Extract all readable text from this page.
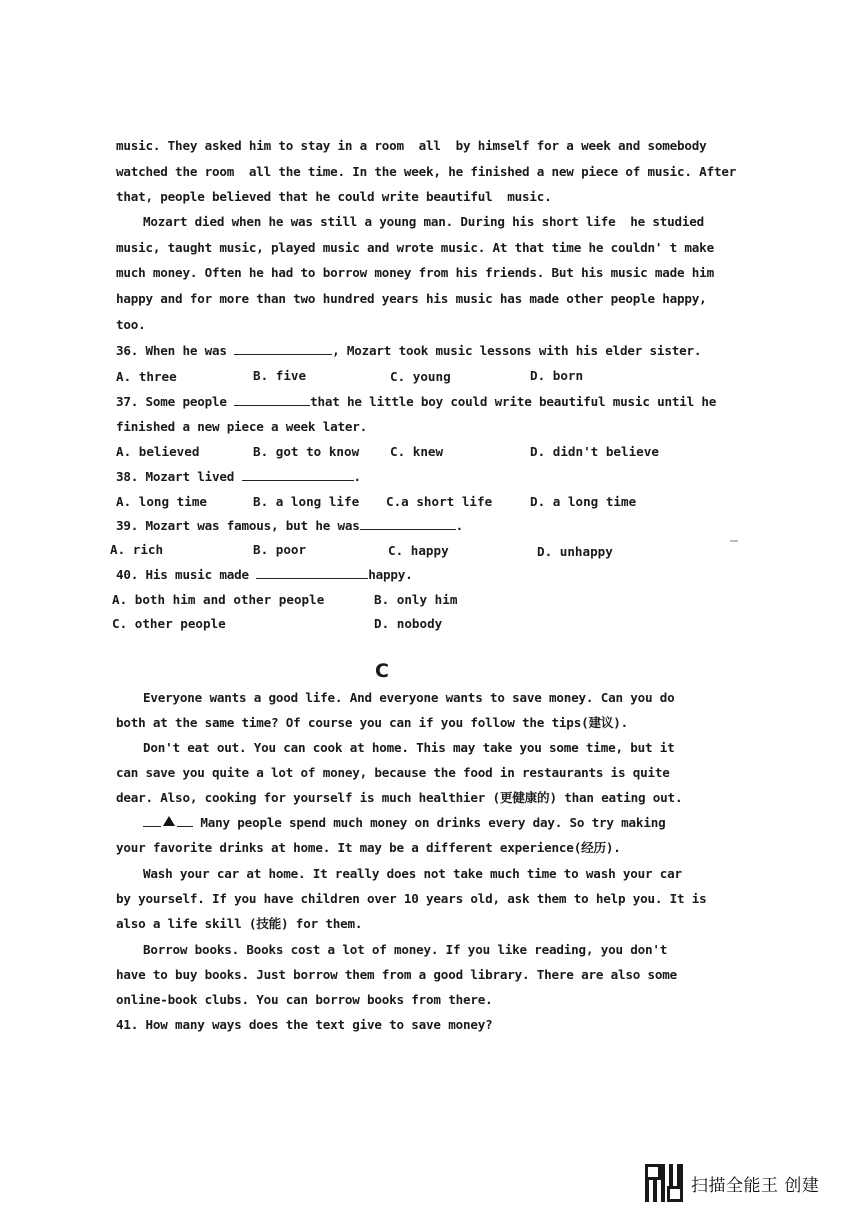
music. They asked him to stay in a room  all  by himself for a week and somebody
watched the room  all the time. In the week, he finished a new piece of music. After
that, people believed that he could write beautiful  music.
Mozart died when he was still a young man. During his short life  he studied
music, taught music, played music and wrote music. At that time he couldn' t make
much money. Often he had to borrow money from his friends. But his music made him
happy and for more than two hundred years his music has made other people happy,
too.
36. When he was	, Mozart took music lessons with his elder sister.
A. three	B. five	C. young	D. born
37. Some people	that he little boy could write beautiful music until he
finished a new piece a week later.
A. believed	B. got to know C. knew	D. didn't believe
38. Mozart lived	.
A. long time	B. a long life C.a short life	D. a long time
39. Mozart was famous, but he was	.
A. rich	B. poor	C. happy	D. unhappy
40. His music made	happy.
A. both him and other people	B. only him
C. other people	D. nobody
C
Everyone wants a good life. And everyone wants to save money. Can you do
both at the same time? Of course you can if you follow the tips(建议).
Don't eat out. You can cook at home. This may take you some time, but it
can save you quite a lot of money, because the food in restaurants is quite
dear. Also, cooking for yourself is much healthier (更健康的) than eating out.
Many people spend much money on drinks every day. So try making
your favorite drinks at home. It may be a different experience(经历).
Wash your car at home. It really does not take much time to wash your car
by yourself. If you have children over 10 years old, ask them to help you. It is
also a life skill (技能) for them.
Borrow books. Books cost a lot of money. If you like reading, you don't
have to buy books. Just borrow them from a good library. There are also some
online-book clubs. You can borrow books from there.
41. How many ways does the text give to save money?
扫描全能王 创建
